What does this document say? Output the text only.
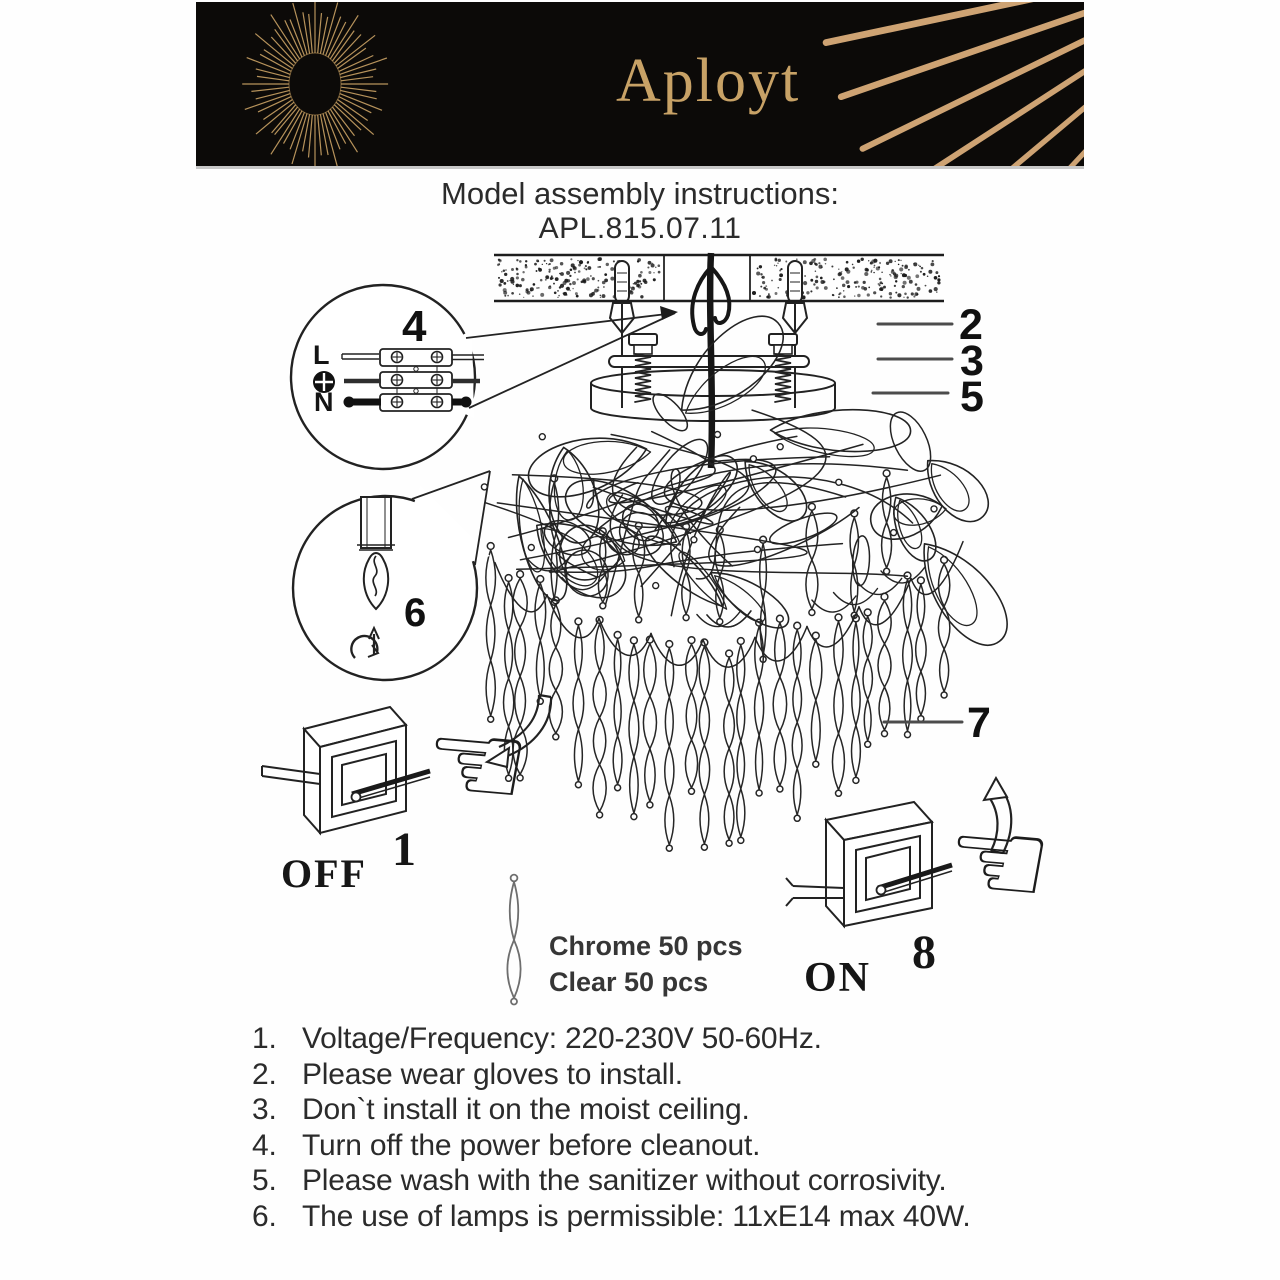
Aployt
Model assembly instructions:
APL.815.07.11
4
L
N
6
2
3
5
7
1
OFF
8
ON
Chrome 50 pcs
Clear 50 pcs
☜
☜
1. Voltage/Frequency: 220-230V 50-60Hz.
2. Please wear gloves to install.
3. Don`t install it on the moist ceiling.
4. Turn off the power before cleanout.
5. Please wash with the sanitizer without corrosivity.
6. The use of lamps is permissible: 11xE14 max 40W.
